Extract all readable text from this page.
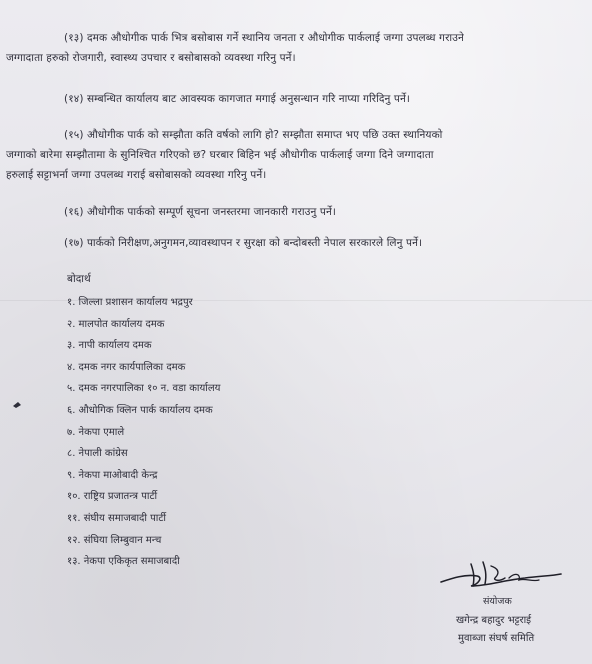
(१३) दमक औधोगीक पार्क भित्र बसोबास गर्ने स्थानिय जनता र औधोगीक पार्कलाई जग्गा उपलब्ध गराउने
जग्गादाता हरुको रोजगारी, स्वास्थ्य उपचार र बसोबासको व्यवस्था गरिनु पर्ने।
(१४) सम्बन्धित कार्यालय बाट आवस्यक कागजात मगाई अनुसन्धान गरि नाप्या गरिदिनु पर्ने।
(१५) औधोगीक पार्क को सम्झौता कति वर्षको लागि हो? सम्झौता समाप्त भए पछि उक्त स्थानियको
जग्गाको बारेमा सम्झौतामा के सुनिश्चित गरिएको छ? घरबार बिहिन भई औधोगीक पार्कलाई जग्गा दिने जग्गादाता
हरुलाई सट्टाभर्ना जग्गा उपलब्ध गराई बसोबासको व्यवस्था गरिनु पर्ने।
(१६) औधोगीक पार्कको सम्पूर्ण सूचना जनस्तरमा जानकारी गराउनु पर्ने।
(१७) पार्कको निरीक्षण,अनुगमन,व्यावस्थापन र सुरक्षा को बन्दोबस्ती नेपाल सरकारले लिनु पर्ने।
बोदार्थ
१. जिल्ला प्रशासन कार्यालय भद्रपुर
२. मालपोत कार्यालय दमक
३. नापी कार्यालय दमक
४. दमक नगर कार्यपालिका दमक
५. दमक नगरपालिका १० न. वडा कार्यालय
६. औधोगिक क्लिन पार्क कार्यालय दमक
७. नेकपा एमाले
८. नेपाली कांग्रेस
९. नेकपा माओबादी केन्द्र
१०. राष्ट्रिय प्रजातन्त्र पार्टी
११. संघीय समाजबादी पार्टी
१२. संघिया लिम्बुवान मन्च
१३. नेकपा एकिकृत समाजबादी
संयोजक
खगेन्द्र बहादुर भट्टराई
मुवाब्जा संघर्ष समिति
